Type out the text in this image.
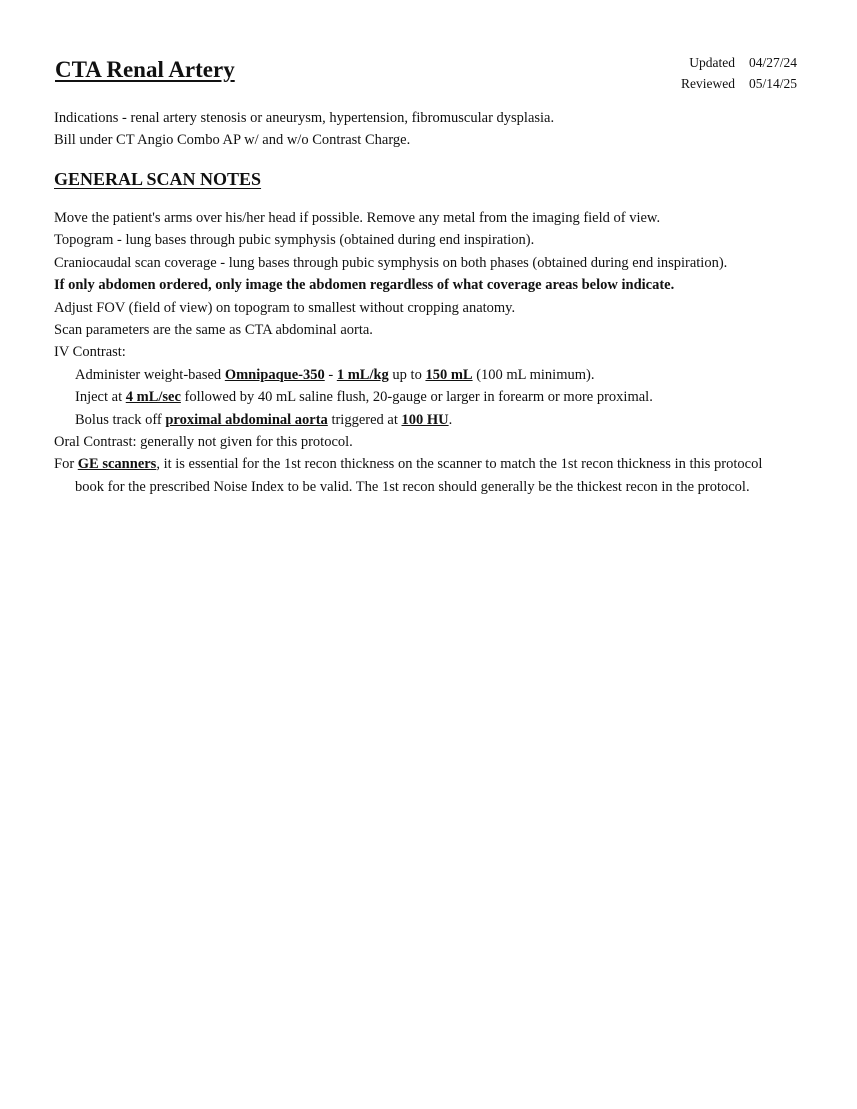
CTA Renal Artery	Updated 04/27/24
Reviewed 05/14/25
Indications - renal artery stenosis or aneurysm, hypertension, fibromuscular dysplasia.
Bill under CT Angio Combo AP w/ and w/o Contrast Charge.
GENERAL SCAN NOTES
Move the patient's arms over his/her head if possible. Remove any metal from the imaging field of view.
Topogram - lung bases through pubic symphysis (obtained during end inspiration).
Craniocaudal scan coverage - lung bases through pubic symphysis on both phases (obtained during end inspiration).
If only abdomen ordered, only image the abdomen regardless of what coverage areas below indicate.
Adjust FOV (field of view) on topogram to smallest without cropping anatomy.
Scan parameters are the same as CTA abdominal aorta.
IV Contrast:
Administer weight-based Omnipaque-350 - 1 mL/kg up to 150 mL (100 mL minimum).
Inject at 4 mL/sec followed by 40 mL saline flush, 20-gauge or larger in forearm or more proximal.
Bolus track off proximal abdominal aorta triggered at 100 HU.
Oral Contrast: generally not given for this protocol.
For GE scanners, it is essential for the 1st recon thickness on the scanner to match the 1st recon thickness in this protocol book for the prescribed Noise Index to be valid. The 1st recon should generally be the thickest recon in the protocol.
